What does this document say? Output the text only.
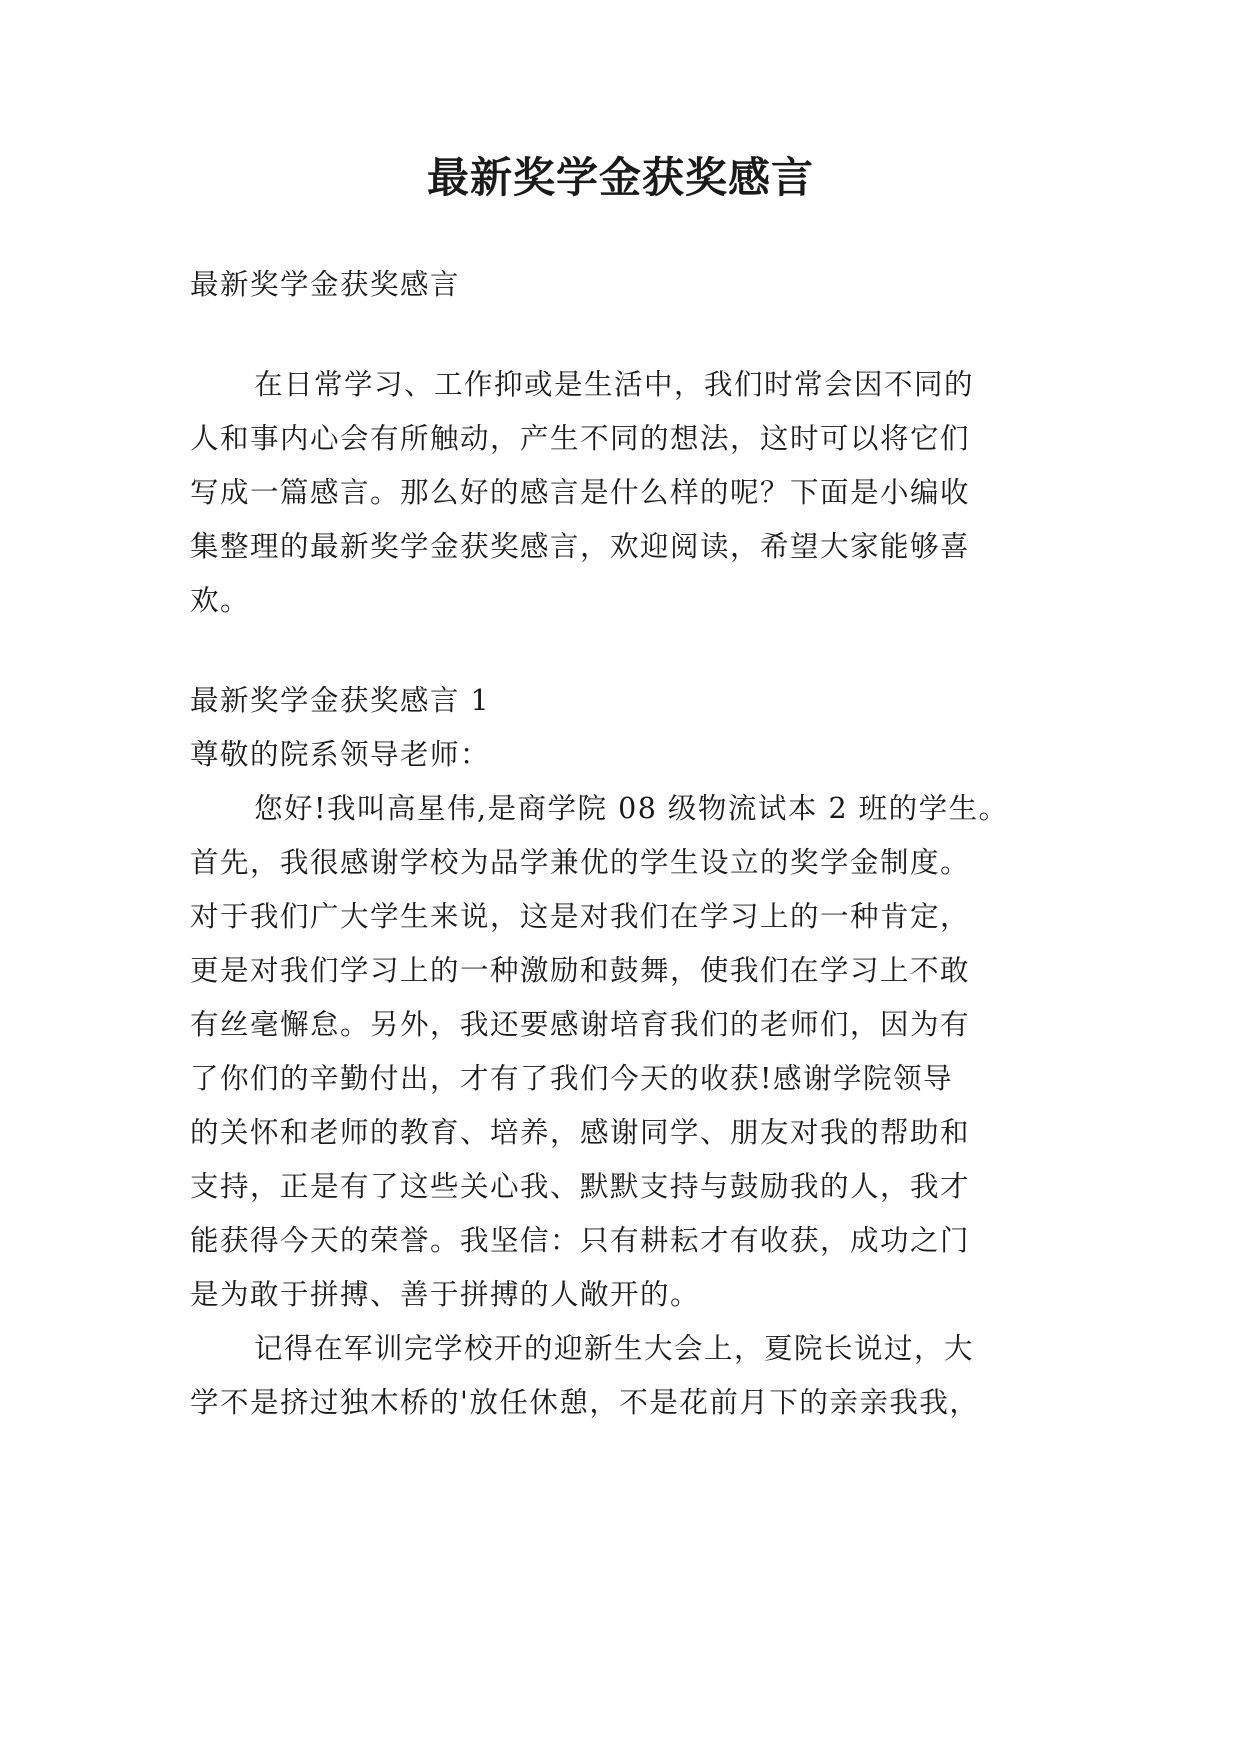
最新奖学金获奖感言
最新奖学金获奖感言
在日常学习、工作抑或是生活中，我们时常会因不同的
人和事内心会有所触动，产生不同的想法，这时可以将它们
写成一篇感言。那么好的感言是什么样的呢？下面是小编收
集整理的最新奖学金获奖感言，欢迎阅读，希望大家能够喜
欢。
最新奖学金获奖感言 1
尊敬的院系领导老师：
您好!我叫高星伟,是商学院 08 级物流试本 2 班的学生。
首先，我很感谢学校为品学兼优的学生设立的奖学金制度。
对于我们广大学生来说，这是对我们在学习上的一种肯定，
更是对我们学习上的一种激励和鼓舞，使我们在学习上不敢
有丝毫懈怠。另外，我还要感谢培育我们的老师们，因为有
了你们的辛勤付出，才有了我们今天的收获!感谢学院领导
的关怀和老师的教育、培养，感谢同学、朋友对我的帮助和
支持，正是有了这些关心我、默默支持与鼓励我的人，我才
能获得今天的荣誉。我坚信：只有耕耘才有收获，成功之门
是为敢于拼搏、善于拼搏的人敞开的。
记得在军训完学校开的迎新生大会上，夏院长说过，大
学不是挤过独木桥的'放任休憩，不是花前月下的亲亲我我，
